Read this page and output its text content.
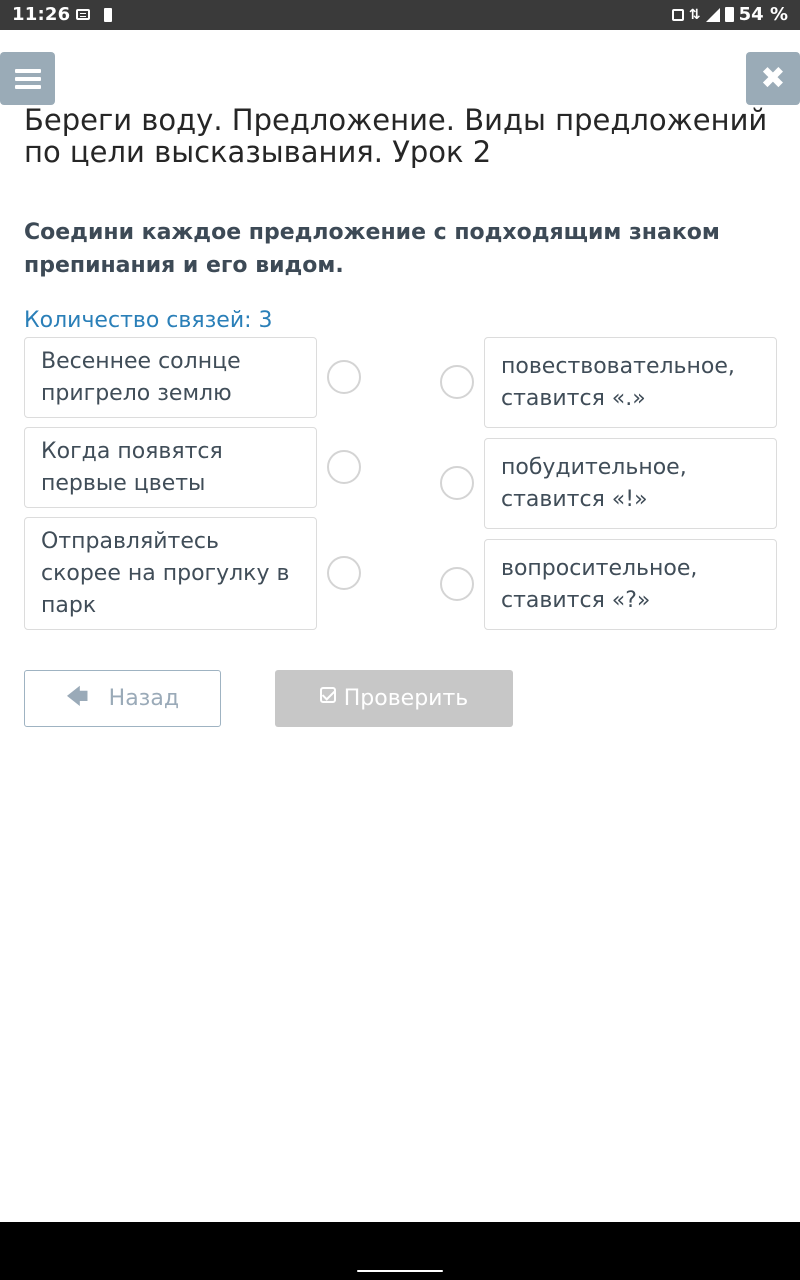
11:26	⇅ 54 %
✖
Береги воду. Предложение. Виды предложений по цели высказывания. Урок 2
Соедини каждое предложение с подходящим знаком препинания и его видом.
Количество связей: 3
Весеннее солнце пригрело землю
Когда появятся первые цветы
Отправляйтесь скорее на прогулку в парк
повествовательное, ставится «.»
побудительное, ставится «!»
вопросительное, ставится «?»
🡄 Назад	Проверить
